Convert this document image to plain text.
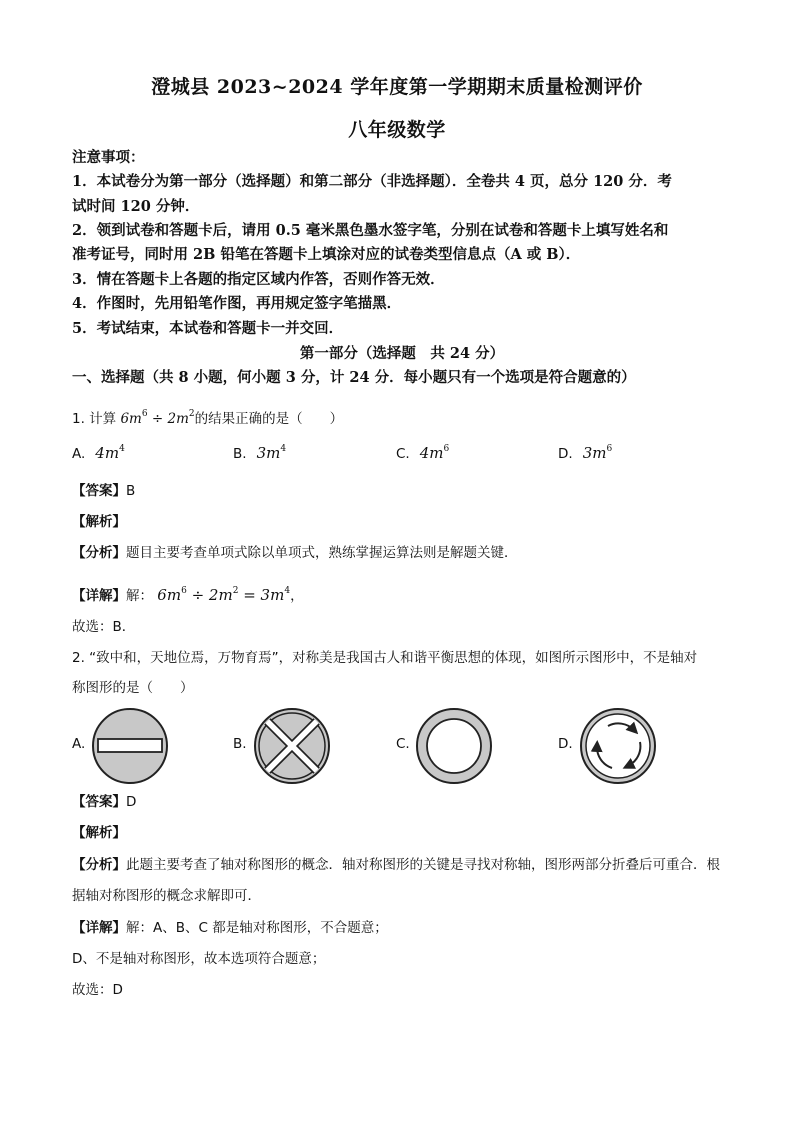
澄城县 2023~2024 学年度第一学期期末质量检测评价
八年级数学
注意事项：
1．本试卷分为第一部分（选择题）和第二部分（非选择题）．全卷共 4 页，总分 120 分．考
试时间 120 分钟．
2．领到试卷和答题卡后，请用 0.5 毫米黑色墨水签字笔，分别在试卷和答题卡上填写姓名和
准考证号，同时用 2B 铅笔在答题卡上填涂对应的试卷类型信息点（A 或 B）．
3．情在答题卡上各题的指定区域内作答，否则作答无效．
4．作图时，先用铅笔作图，再用规定签字笔描黑．
5．考试结束，本试卷和答题卡一并交回．
第一部分（选择题　共 24 分）
一、选择题（共 8 小题，何小题 3 分，计 24 分．每小题只有一个选项是符合题意的）
1. 计算 $6m^6 \div 2m^2$的结果正确的是（　　）
A. $4m^4$	B. $3m^4$	C. $4m^6$	D. $3m^6$
【答案】B
【解析】
【分析】题目主要考查单项式除以单项式，熟练掌握运算法则是解题关键．
【详解】解： $6m^6 \div 2m^2 = 3m^4$，
故选：B．
2. “致中和，天地位焉，万物育焉”，对称美是我国古人和谐平衡思想的体现，如图所示图形中，不是轴对
称图形的是（　　）
A.	B.	C.	D.
【答案】D
【解析】
【分析】此题主要考查了轴对称图形的概念．轴对称图形的关键是寻找对称轴，图形两部分折叠后可重合．根
据轴对称图形的概念求解即可．
【详解】解：A、B、C 都是轴对称图形，不合题意；
D、不是轴对称图形，故本选项符合题意；
故选：D
